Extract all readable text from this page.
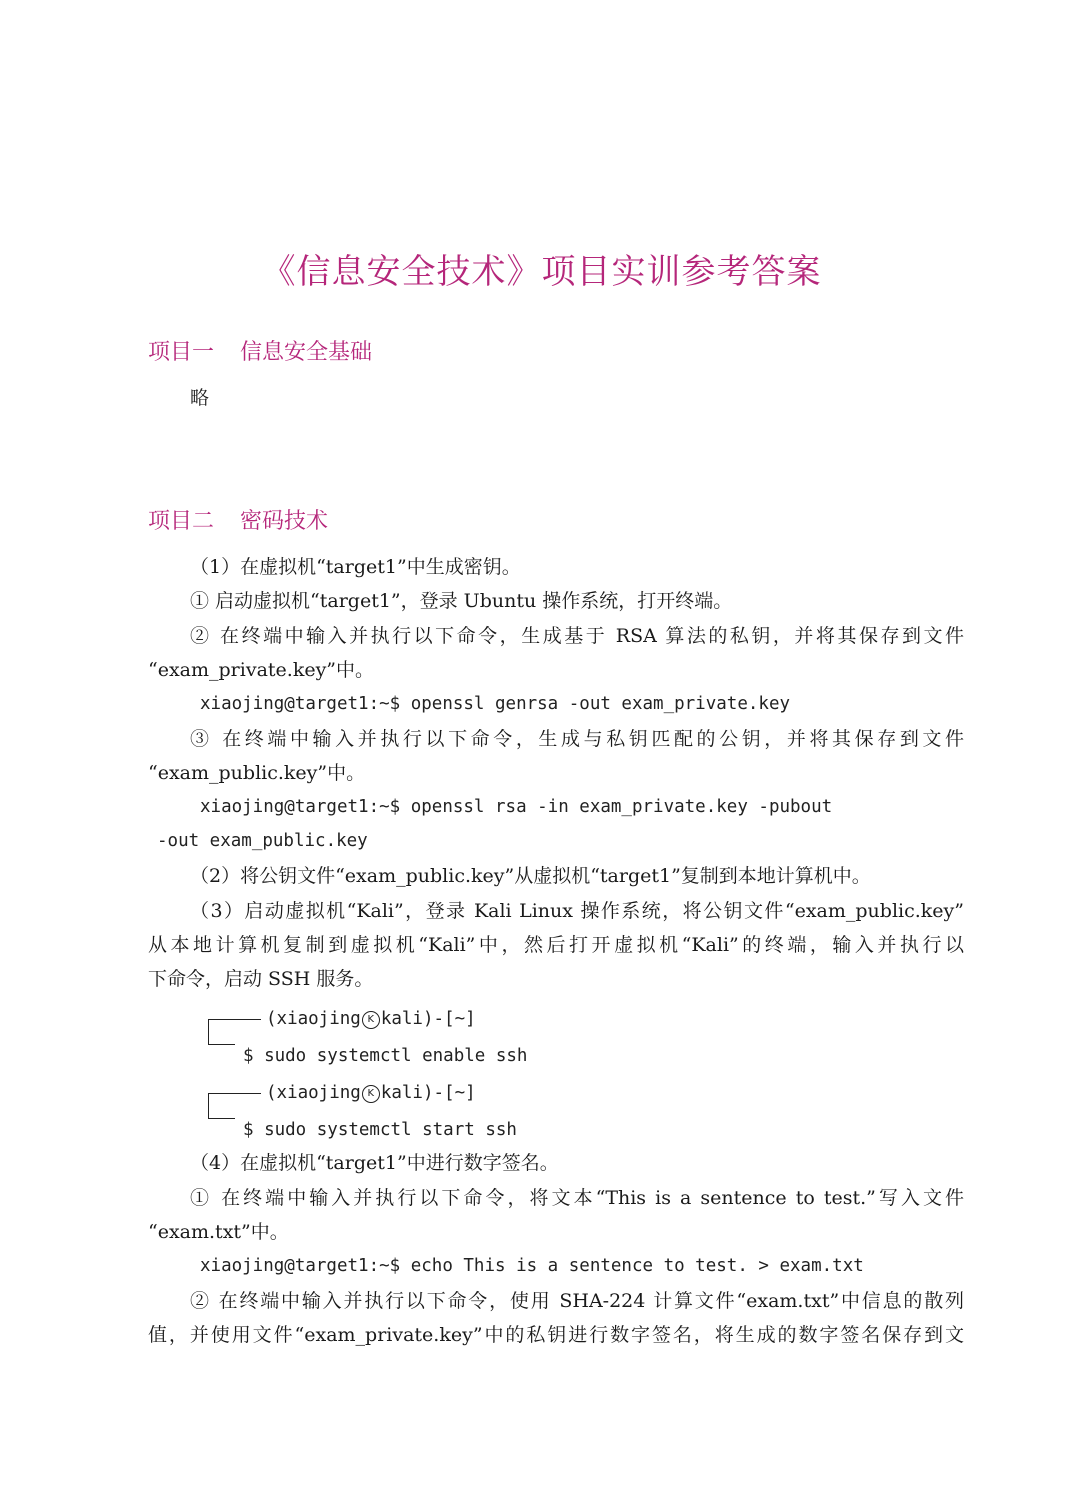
《信息安全技术》项目实训参考答案
项目一 信息安全基础
略
项目二 密码技术
（1）在虚拟机“target1”中生成密钥。
① 启动虚拟机“target1”，登录 Ubuntu 操作系统，打开终端。
② 在终端中输入并执行以下命令，生成基于 RSA 算法的私钥，并将其保存到文件
“exam_private.key”中。
xiaojing@target1:~$ openssl genrsa -out exam_private.key
③ 在终端中输入并执行以下命令，生成与私钥匹配的公钥，并将其保存到文件
“exam_public.key”中。
xiaojing@target1:~$ openssl rsa -in exam_private.key -pubout
-out exam_public.key
（2）将公钥文件“exam_public.key”从虚拟机“target1”复制到本地计算机中。
（3）启动虚拟机“Kali”，登录 Kali Linux 操作系统，将公钥文件“exam_public.key”
从本地计算机复制到虚拟机“Kali”中，然后打开虚拟机“Kali”的终端，输入并执行以
下命令，启动 SSH 服务。
(xiaojing K kali)-[~]
$ sudo systemctl enable ssh
(xiaojing K kali)-[~]
$ sudo systemctl start ssh
（4）在虚拟机“target1”中进行数字签名。
① 在终端中输入并执行以下命令，将文本“This is a sentence to test.”写入文件
“exam.txt”中。
xiaojing@target1:~$ echo This is a sentence to test. > exam.txt
② 在终端中输入并执行以下命令，使用 SHA-224 计算文件“exam.txt”中信息的散列
值，并使用文件“exam_private.key”中的私钥进行数字签名，将生成的数字签名保存到文
